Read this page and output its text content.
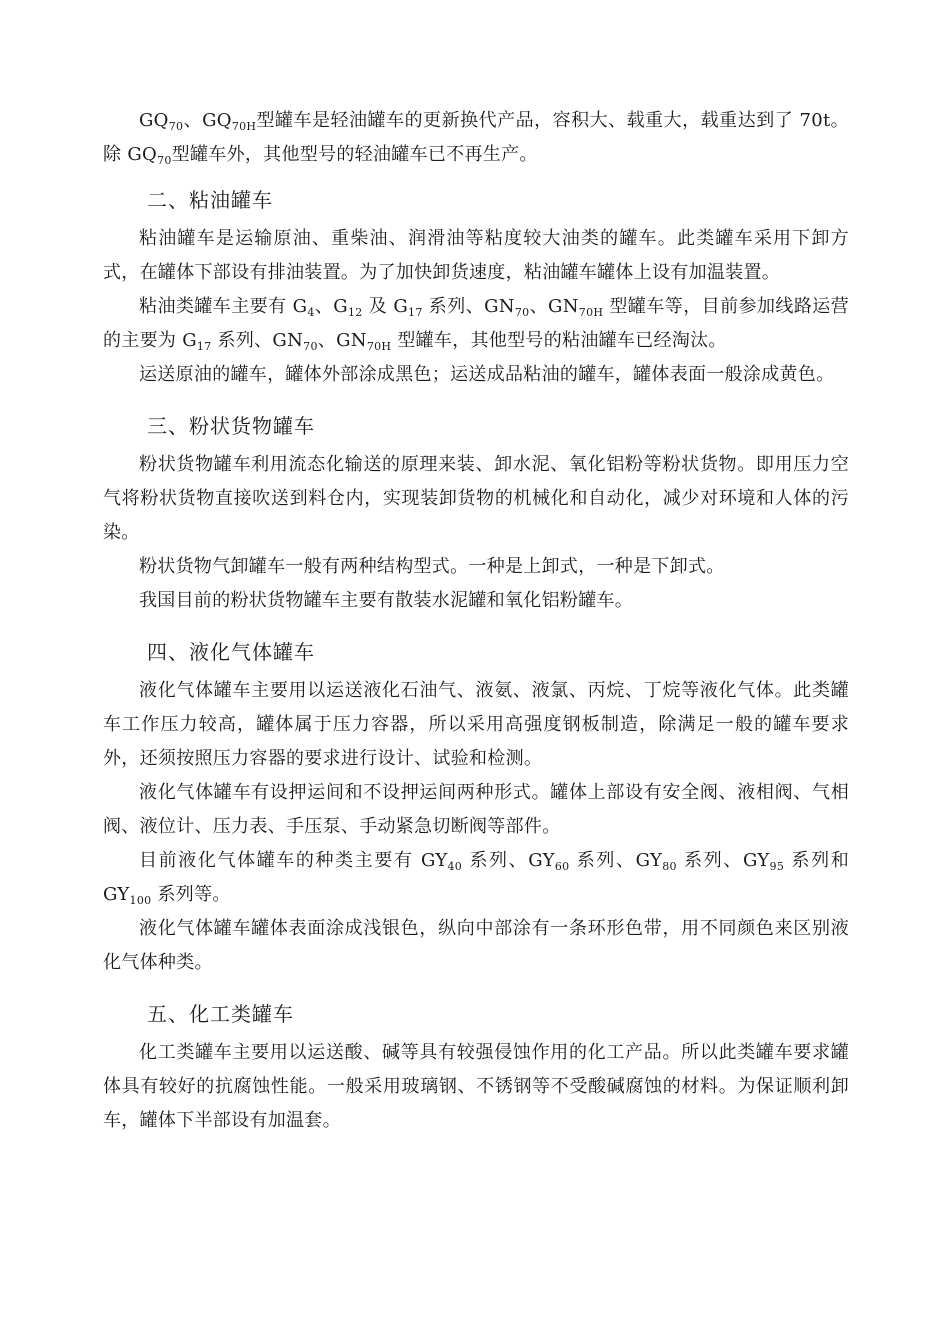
$GQ_{70}$、$GQ_{70H}$型罐车是轻油罐车的更新换代产品，容积大、载重大，载重达到了 70t。除 $GQ_{70}$型罐车外，其他型号的轻油罐车已不再生产。

二、粘油罐车

粘油罐车是运输原油、重柴油、润滑油等粘度较大油类的罐车。此类罐车采用下卸方式，在罐体下部设有排油装置。为了加快卸货速度，粘油罐车罐体上设有加温装置。

粘油类罐车主要有 $G_4$、$G_{12}$ 及 $G_{17}$ 系列、$GN_{70}$、$GN_{70H}$ 型罐车等，目前参加线路运营的主要为 $G_{17}$ 系列、$GN_{70}$、$GN_{70H}$ 型罐车，其他型号的粘油罐车已经淘汰。

运送原油的罐车，罐体外部涂成黑色；运送成品粘油的罐车，罐体表面一般涂成黄色。

三、粉状货物罐车

粉状货物罐车利用流态化输送的原理来装、卸水泥、氧化铝粉等粉状货物。即用压力空气将粉状货物直接吹送到料仓内，实现装卸货物的机械化和自动化，减少对环境和人体的污染。

粉状货物气卸罐车一般有两种结构型式。一种是上卸式，一种是下卸式。

我国目前的粉状货物罐车主要有散装水泥罐和氧化铝粉罐车。

四、液化气体罐车

液化气体罐车主要用以运送液化石油气、液氨、液氯、丙烷、丁烷等液化气体。此类罐车工作压力较高，罐体属于压力容器，所以采用高强度钢板制造，除满足一般的罐车要求外，还须按照压力容器的要求进行设计、试验和检测。

液化气体罐车有设押运间和不设押运间两种形式。罐体上部设有安全阀、液相阀、气相阀、液位计、压力表、手压泵、手动紧急切断阀等部件。

目前液化气体罐车的种类主要有 $GY_{40}$ 系列、$GY_{60}$ 系列、$GY_{80}$ 系列、$GY_{95}$ 系列和 $GY_{100}$ 系列等。

液化气体罐车罐体表面涂成浅银色，纵向中部涂有一条环形色带，用不同颜色来区别液化气体种类。

五、化工类罐车

化工类罐车主要用以运送酸、碱等具有较强侵蚀作用的化工产品。所以此类罐车要求罐体具有较好的抗腐蚀性能。一般采用玻璃钢、不锈钢等不受酸碱腐蚀的材料。为保证顺利卸车，罐体下半部设有加温套。
